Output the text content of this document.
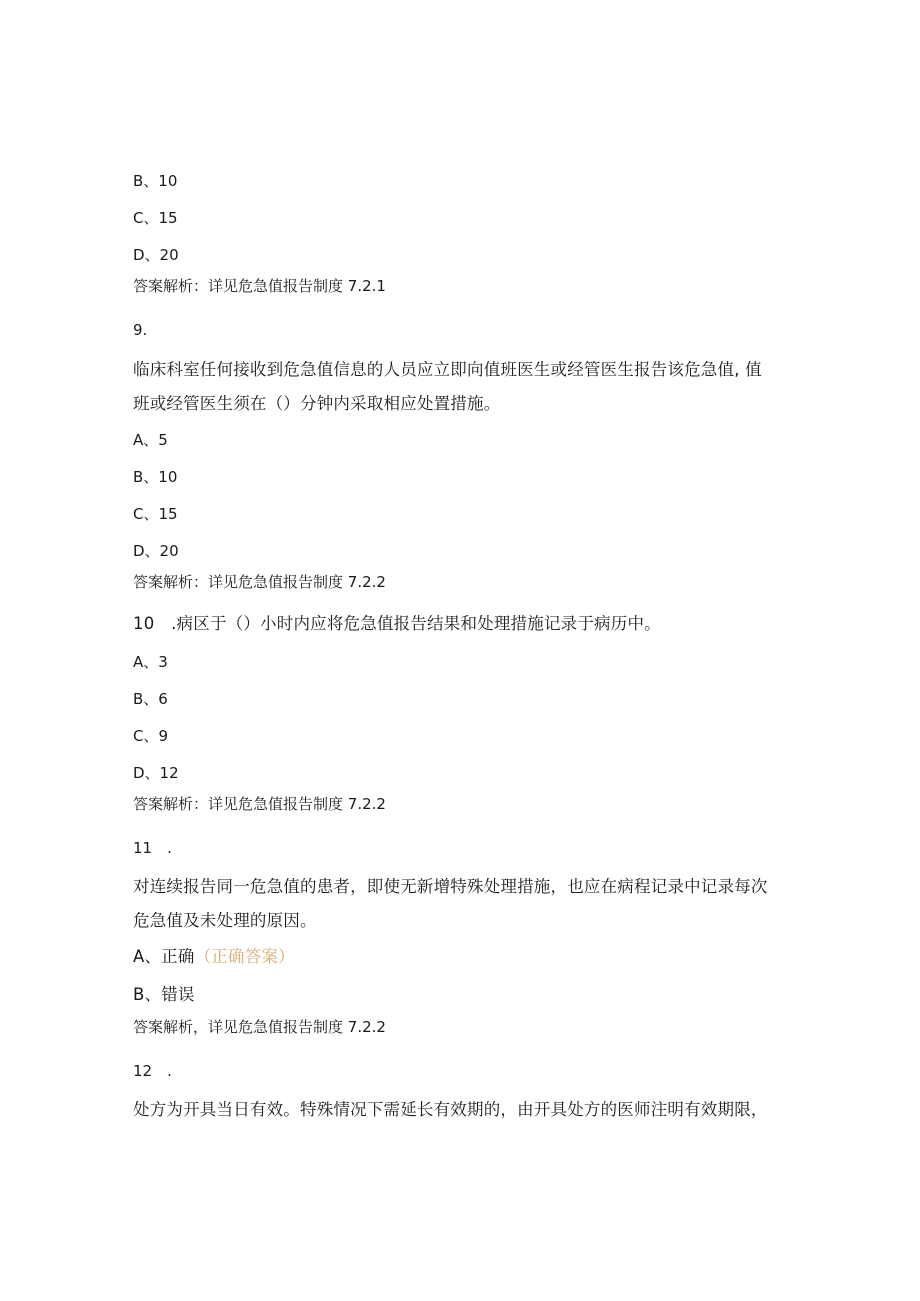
B、10
C、15
D、20
答案解析：详见危急值报告制度 7.2.1
9.
临床科室任何接收到危急值信息的人员应立即向值班医生或经管医生报告该危急值, 值
班或经管医生须在（）分钟内采取相应处置措施。
A、5
B、10
C、15
D、20
答案解析：详见危急值报告制度 7.2.2
10 .病区于（）小时内应将危急值报告结果和处理措施记录于病历中。
A、3
B、6
C、9
D、12
答案解析：详见危急值报告制度 7.2.2
11 .
对连续报告同一危急值的患者，即使无新增特殊处理措施，也应在病程记录中记录每次
危急值及未处理的原因。
A、正确（正确答案）
B、错误
答案解析，详见危急值报告制度 7.2.2
12 .
处方为开具当日有效。特殊情况下需延长有效期的，由开具处方的医师注明有效期限，
